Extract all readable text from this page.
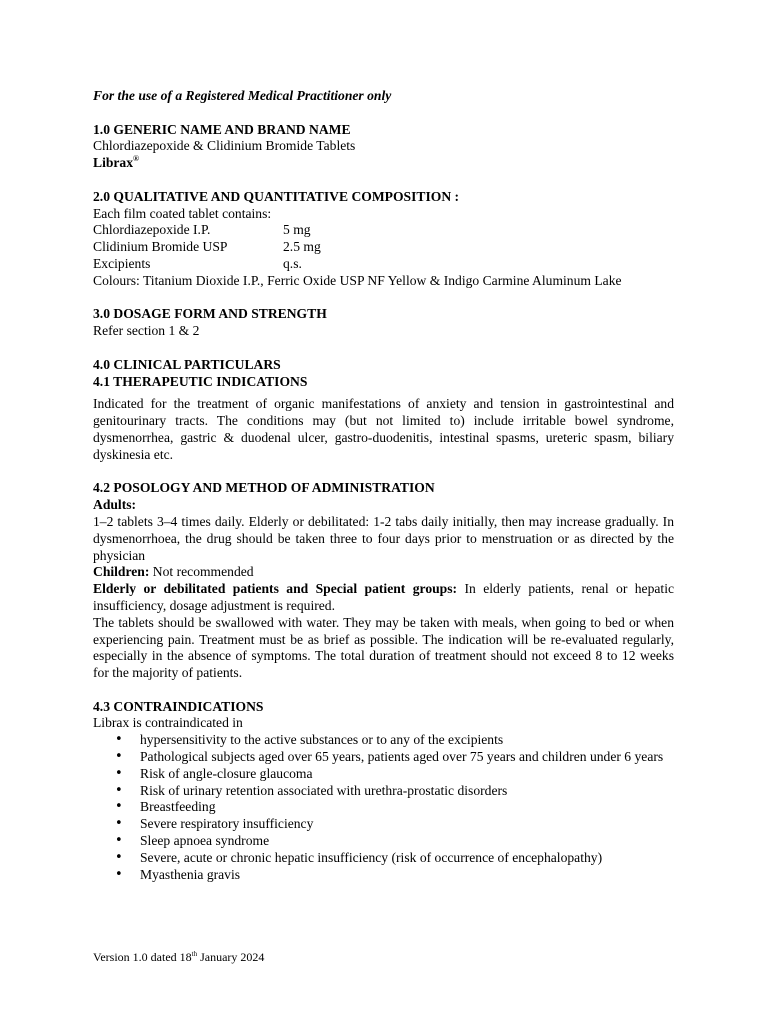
For the use of a Registered Medical Practitioner only
1.0 GENERIC NAME AND BRAND NAME
Chlordiazepoxide & Clidinium Bromide Tablets
Librax®
2.0 QUALITATIVE AND QUANTITATIVE COMPOSITION :
Each film coated tablet contains:
Chlordiazepoxide I.P.	5 mg
Clidinium Bromide USP	2.5 mg
Excipients	q.s.
Colours: Titanium Dioxide I.P., Ferric Oxide USP NF Yellow & Indigo Carmine Aluminum Lake
3.0 DOSAGE FORM AND STRENGTH
Refer section 1 & 2
4.0 CLINICAL PARTICULARS
4.1 THERAPEUTIC INDICATIONS
Indicated for the treatment of organic manifestations of anxiety and tension in gastrointestinal and genitourinary tracts. The conditions may (but not limited to) include irritable bowel syndrome, dysmenorrhea, gastric & duodenal ulcer, gastro-duodenitis, intestinal spasms, ureteric spasm, biliary dyskinesia etc.
4.2 POSOLOGY AND METHOD OF ADMINISTRATION
Adults:
1–2 tablets 3–4 times daily. Elderly or debilitated: 1-2 tabs daily initially, then may increase gradually. In dysmenorrhoea, the drug should be taken three to four days prior to menstruation or as directed by the physician
Children: Not recommended
Elderly or debilitated patients and Special patient groups: In elderly patients, renal or hepatic insufficiency, dosage adjustment is required.
The tablets should be swallowed with water. They may be taken with meals, when going to bed or when experiencing pain. Treatment must be as brief as possible. The indication will be re-evaluated regularly, especially in the absence of symptoms. The total duration of treatment should not exceed 8 to 12 weeks for the majority of patients.
4.3 CONTRAINDICATIONS
Librax is contraindicated in
• hypersensitivity to the active substances or to any of the excipients
• Pathological subjects aged over 65 years, patients aged over 75 years and children under 6 years
• Risk of angle-closure glaucoma
• Risk of urinary retention associated with urethra-prostatic disorders
• Breastfeeding
• Severe respiratory insufficiency
• Sleep apnoea syndrome
• Severe, acute or chronic hepatic insufficiency (risk of occurrence of encephalopathy)
• Myasthenia gravis
Version 1.0 dated 18th January 2024
